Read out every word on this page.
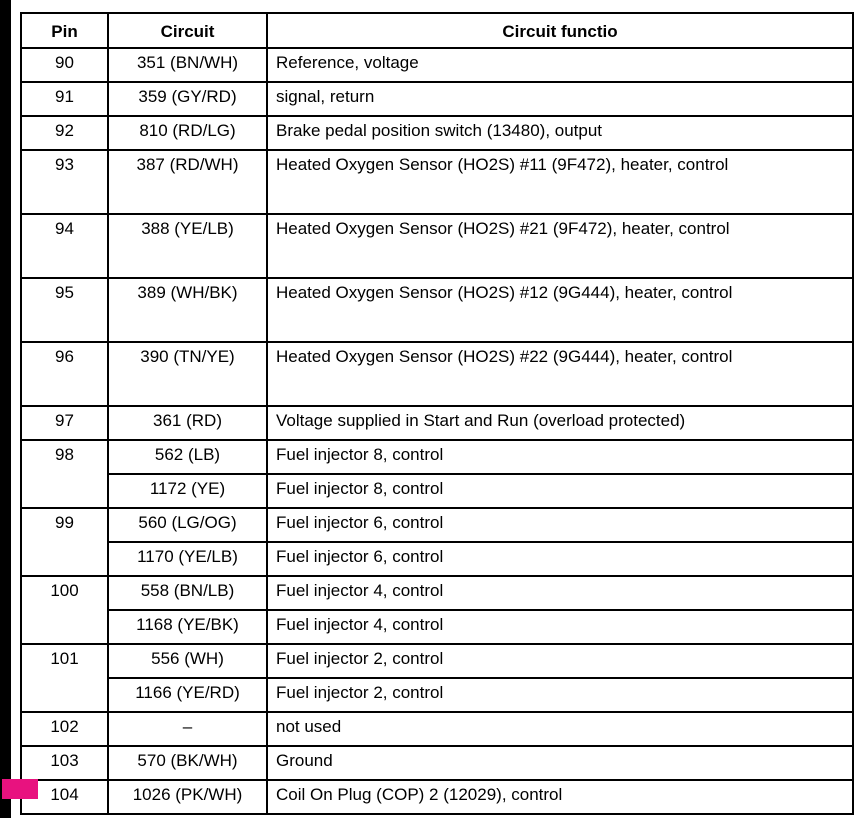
Pin	Circuit	Circuit functio
90	351 (BN/WH)	Reference, voltage
91	359 (GY/RD)	signal, return
92	810 (RD/LG)	Brake pedal position switch (13480), output
93	387 (RD/WH)	Heated Oxygen Sensor (HO2S) #11 (9F472), heater, control
94	388 (YE/LB)	Heated Oxygen Sensor (HO2S) #21 (9F472), heater, control
95	389 (WH/BK)	Heated Oxygen Sensor (HO2S) #12 (9G444), heater, control
96	390 (TN/YE)	Heated Oxygen Sensor (HO2S) #22 (9G444), heater, control
97	361 (RD)	Voltage supplied in Start and Run (overload protected)
98	562 (LB)	Fuel injector 8, control
	1172 (YE)	Fuel injector 8, control
99	560 (LG/OG)	Fuel injector 6, control
	1170 (YE/LB)	Fuel injector 6, control
100	558 (BN/LB)	Fuel injector 4, control
	1168 (YE/BK)	Fuel injector 4, control
101	556 (WH)	Fuel injector 2, control
	1166 (YE/RD)	Fuel injector 2, control
102	–	not used
103	570 (BK/WH)	Ground
104	1026 (PK/WH)	Coil On Plug (COP) 2 (12029), control
